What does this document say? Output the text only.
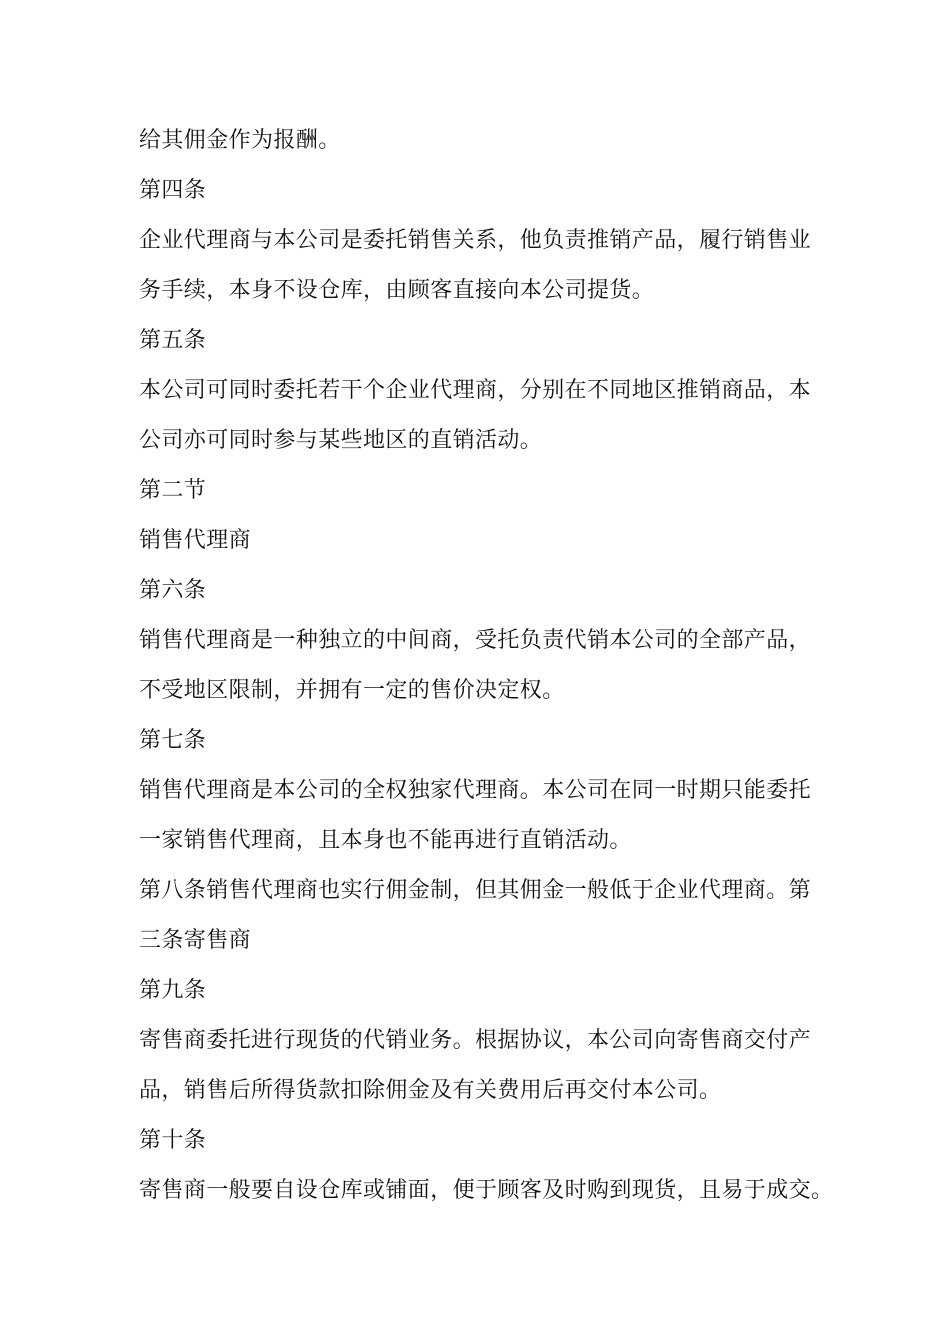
给其佣金作为报酬。
第四条
企业代理商与本公司是委托销售关系，他负责推销产品，履行销售业
务手续，本身不设仓库，由顾客直接向本公司提货。
第五条
本公司可同时委托若干个企业代理商，分别在不同地区推销商品，本
公司亦可同时参与某些地区的直销活动。
第二节
销售代理商
第六条
销售代理商是一种独立的中间商，受托负责代销本公司的全部产品，
不受地区限制，并拥有一定的售价决定权。
第七条
销售代理商是本公司的全权独家代理商。本公司在同一时期只能委托
一家销售代理商，且本身也不能再进行直销活动。
第八条销售代理商也实行佣金制，但其佣金一般低于企业代理商。第
三条寄售商
第九条
寄售商委托进行现货的代销业务。根据协议，本公司向寄售商交付产
品，销售后所得货款扣除佣金及有关费用后再交付本公司。
第十条
寄售商一般要自设仓库或铺面，便于顾客及时购到现货，且易于成交。
